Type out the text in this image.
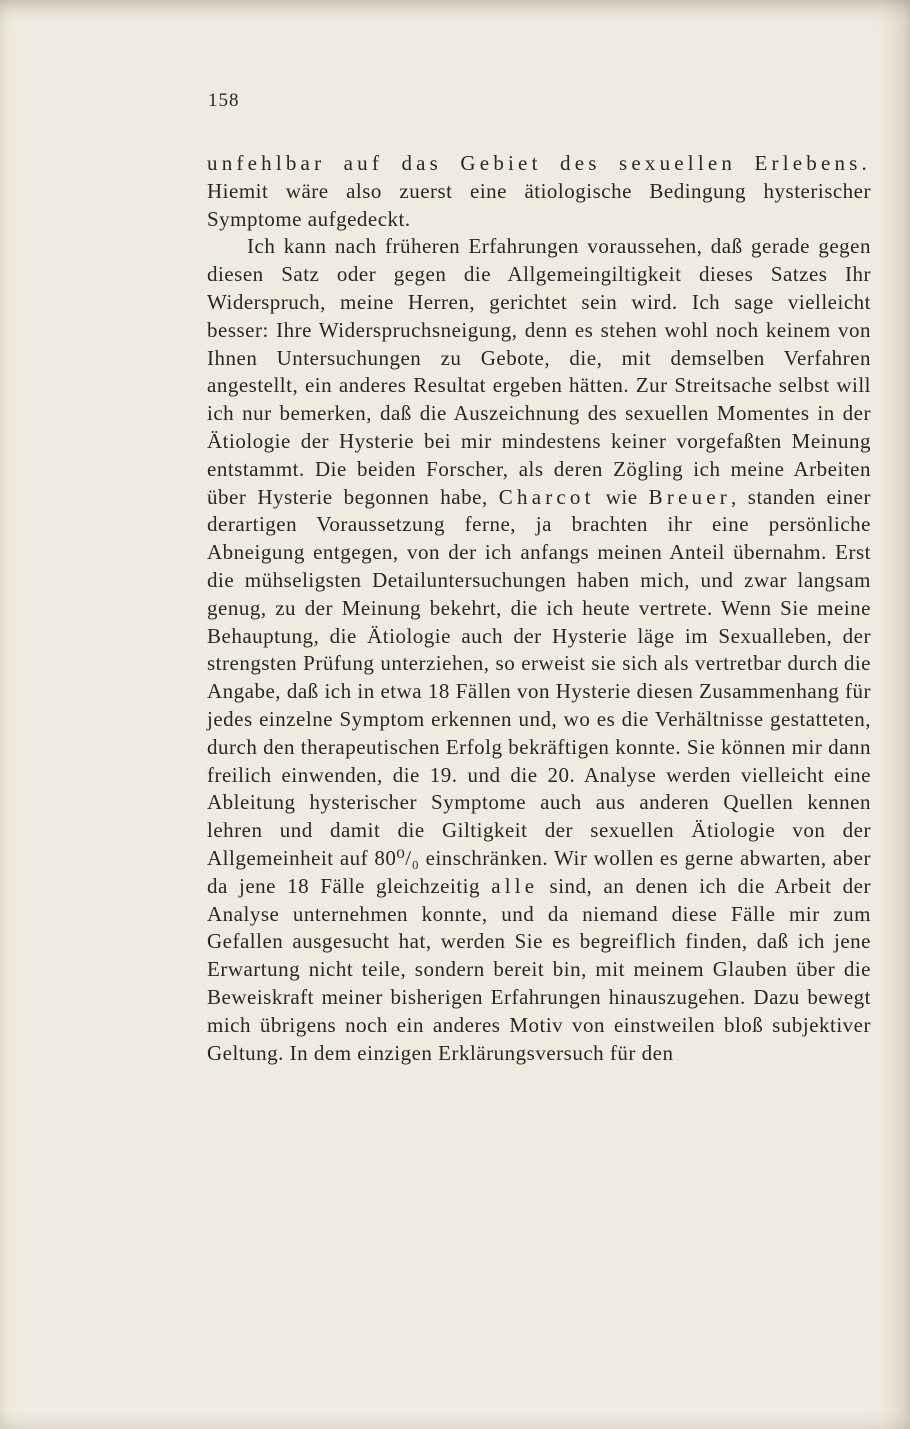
158

unfehlbar auf das Gebiet des sexuellen Erlebens. Hiemit wäre also zuerst eine ätiologische Bedingung hysterischer Symptome aufgedeckt.

Ich kann nach früheren Erfahrungen voraussehen, daß gerade gegen diesen Satz oder gegen die Allgemeingiltigkeit dieses Satzes Ihr Widerspruch, meine Herren, gerichtet sein wird. Ich sage vielleicht besser: Ihre Widerspruchsneigung, denn es stehen wohl noch keinem von Ihnen Untersuchungen zu Gebote, die, mit demselben Verfahren angestellt, ein anderes Resultat ergeben hätten. Zur Streitsache selbst will ich nur bemerken, daß die Auszeichnung des sexuellen Momentes in der Ätiologie der Hysterie bei mir mindestens keiner vorgefaßten Meinung entstammt. Die beiden Forscher, als deren Zögling ich meine Arbeiten über Hysterie begonnen habe, Charcot wie Breuer, standen einer derartigen Voraussetzung ferne, ja brachten ihr eine persönliche Abneigung entgegen, von der ich anfangs meinen Anteil übernahm. Erst die mühseligsten Detailuntersuchungen haben mich, und zwar langsam genug, zu der Meinung bekehrt, die ich heute vertrete. Wenn Sie meine Behauptung, die Ätiologie auch der Hysterie läge im Sexualleben, der strengsten Prüfung unterziehen, so erweist sie sich als vertretbar durch die Angabe, daß ich in etwa 18 Fällen von Hysterie diesen Zusammenhang für jedes einzelne Symptom erkennen und, wo es die Verhältnisse gestatteten, durch den therapeutischen Erfolg bekräftigen konnte. Sie können mir dann freilich einwenden, die 19. und die 20. Analyse werden vielleicht eine Ableitung hysterischer Symptome auch aus anderen Quellen kennen lehren und damit die Giltigkeit der sexuellen Ätiologie von der Allgemeinheit auf 80⁰/₀ einschränken. Wir wollen es gerne abwarten, aber da jene 18 Fälle gleichzeitig alle sind, an denen ich die Arbeit der Analyse unternehmen konnte, und da niemand diese Fälle mir zum Gefallen ausgesucht hat, werden Sie es begreiflich finden, daß ich jene Erwartung nicht teile, sondern bereit bin, mit meinem Glauben über die Beweiskraft meiner bisherigen Erfahrungen hinauszugehen. Dazu bewegt mich übrigens noch ein anderes Motiv von einstweilen bloß subjektiver Geltung. In dem einzigen Erklärungsversuch für den
